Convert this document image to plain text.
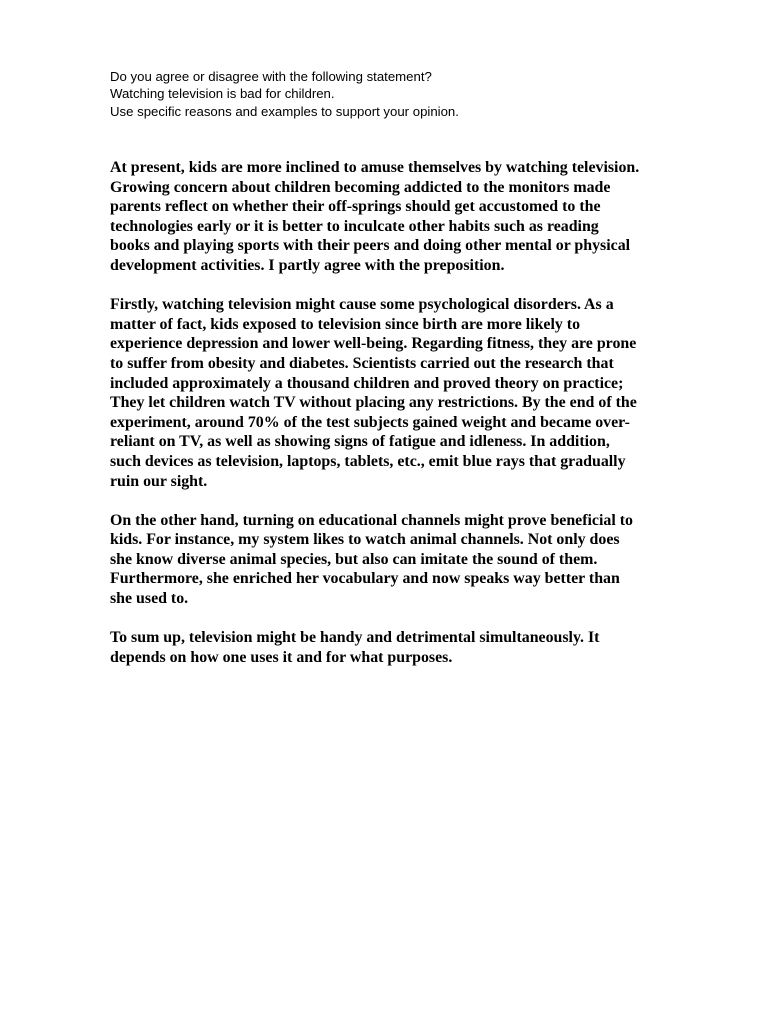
Do you agree or disagree with the following statement?
Watching television is bad for children.
Use specific reasons and examples to support your opinion.
At present, kids are more inclined to amuse themselves by watching television.
Growing concern about children becoming addicted to the monitors made
parents reflect on whether their off-springs should get accustomed to the
technologies early or it is better to inculcate other habits such as reading
books and playing sports with their peers and doing other mental or physical
development activities. I partly agree with the preposition.
Firstly, watching television might cause some psychological disorders. As a
matter of fact, kids exposed to television since birth are more likely to
experience depression and lower well-being. Regarding fitness, they are prone
to suffer from obesity and diabetes. Scientists carried out the research that
included approximately a thousand children and proved theory on practice;
They let children watch TV without placing any restrictions. By the end of the
experiment, around 70% of the test subjects gained weight and became over-
reliant on TV, as well as showing signs of fatigue and idleness. In addition,
such devices as television, laptops, tablets, etc., emit blue rays that gradually
ruin our sight.
On the other hand, turning on educational channels might prove beneficial to
kids. For instance, my system likes to watch animal channels. Not only does
she know diverse animal species, but also can imitate the sound of them.
Furthermore, she enriched her vocabulary and now speaks way better than
she used to.
To sum up, television might be handy and detrimental simultaneously. It
depends on how one uses it and for what purposes.
